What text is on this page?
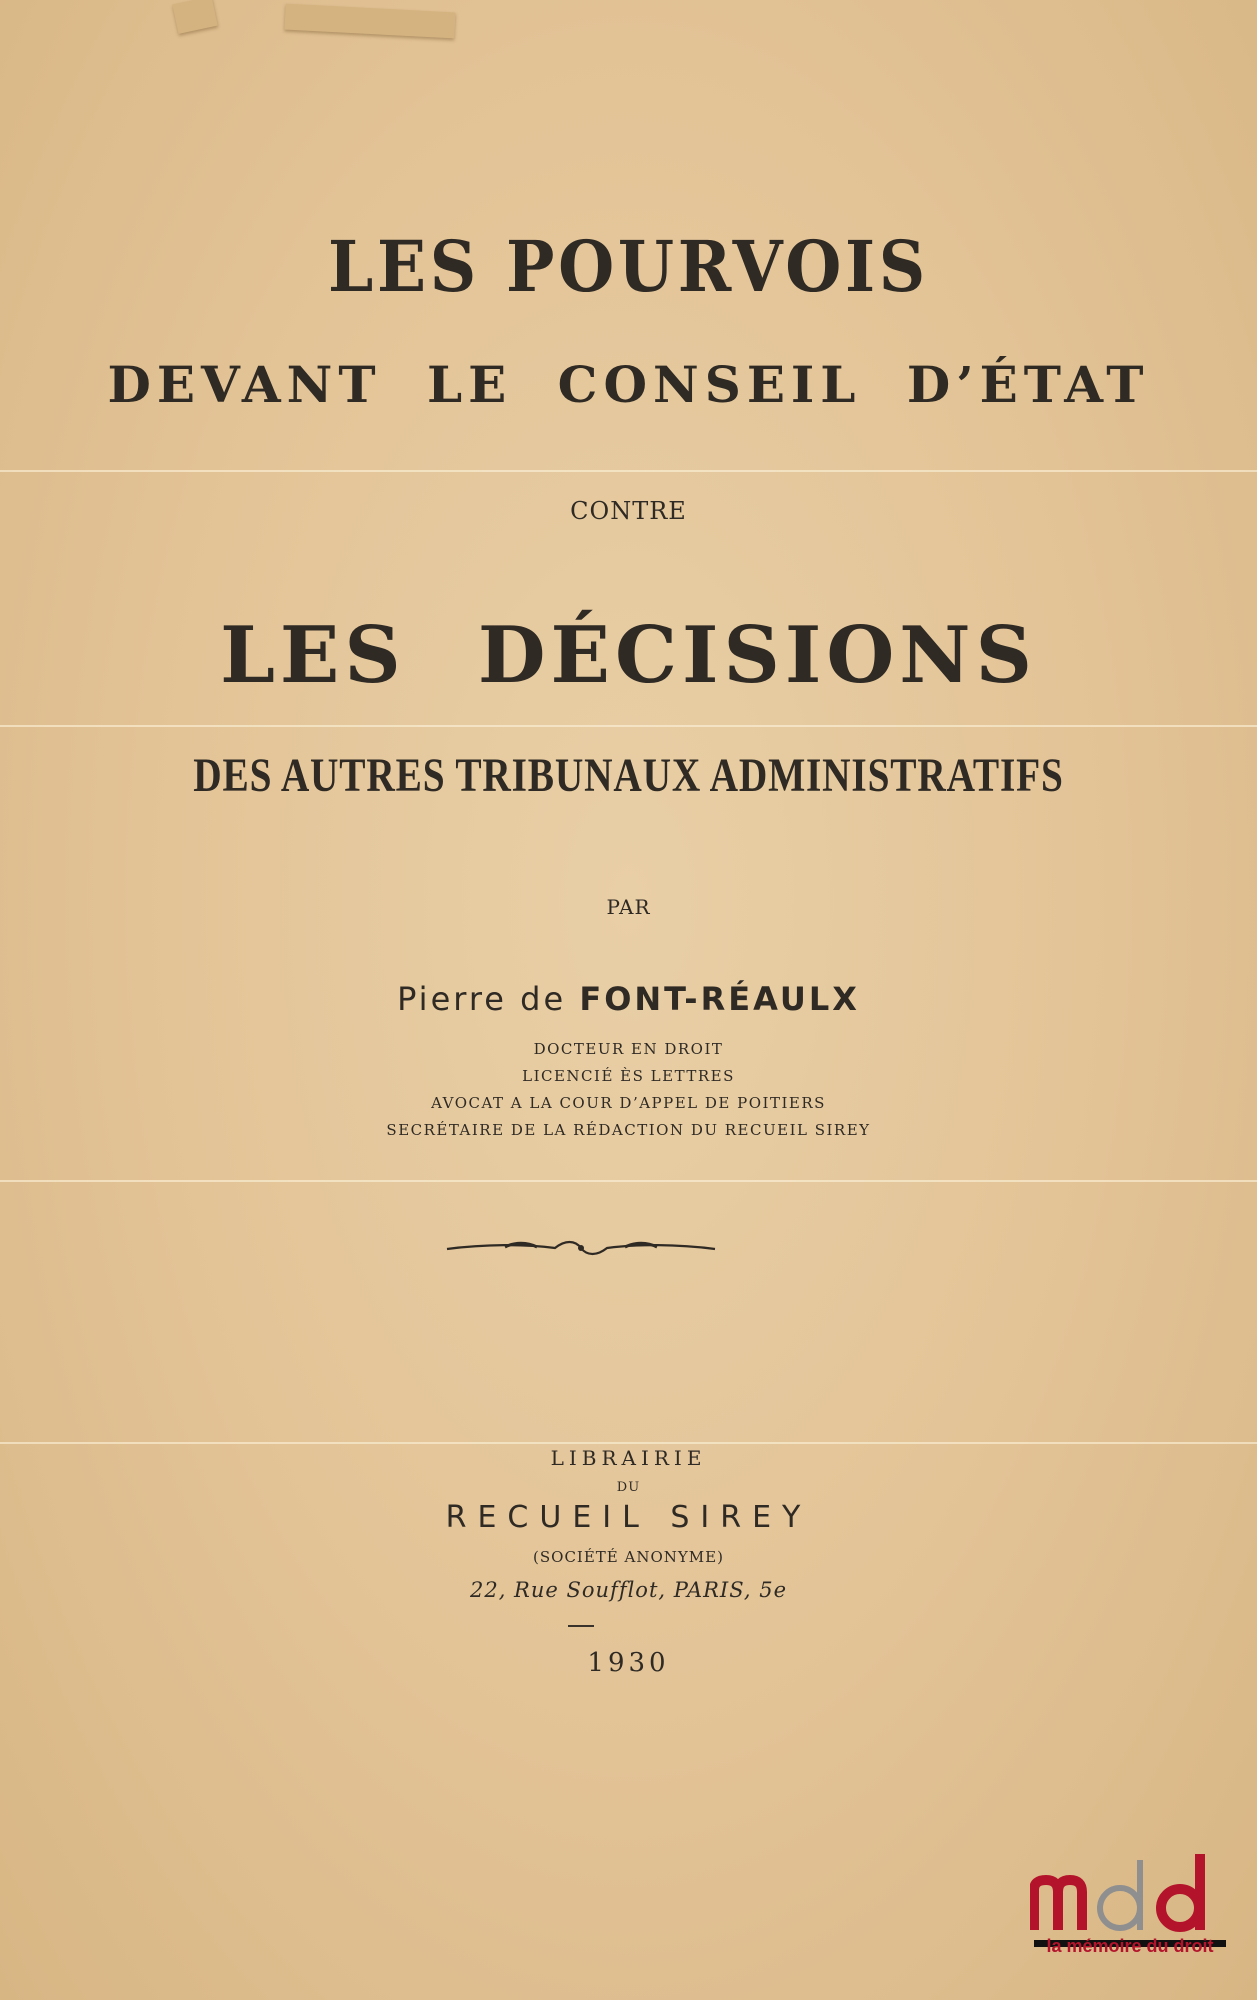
LES POURVOIS
DEVANT LE CONSEIL D’ÉTAT
CONTRE
LES DÉCISIONS
DES AUTRES TRIBUNAUX ADMINISTRATIFS
PAR
Pierre de FONT-RÉAULX
DOCTEUR EN DROIT
LICENCIÉ ÈS LETTRES
AVOCAT A LA COUR D’APPEL DE POITIERS
SECRÉTAIRE DE LA RÉDACTION DU RECUEIL SIREY
LIBRAIRIE
DU
RECUEIL SIREY
(SOCIÉTÉ ANONYME)
22, Rue Soufflot, PARIS, 5e
1930
la mémoire du droit
